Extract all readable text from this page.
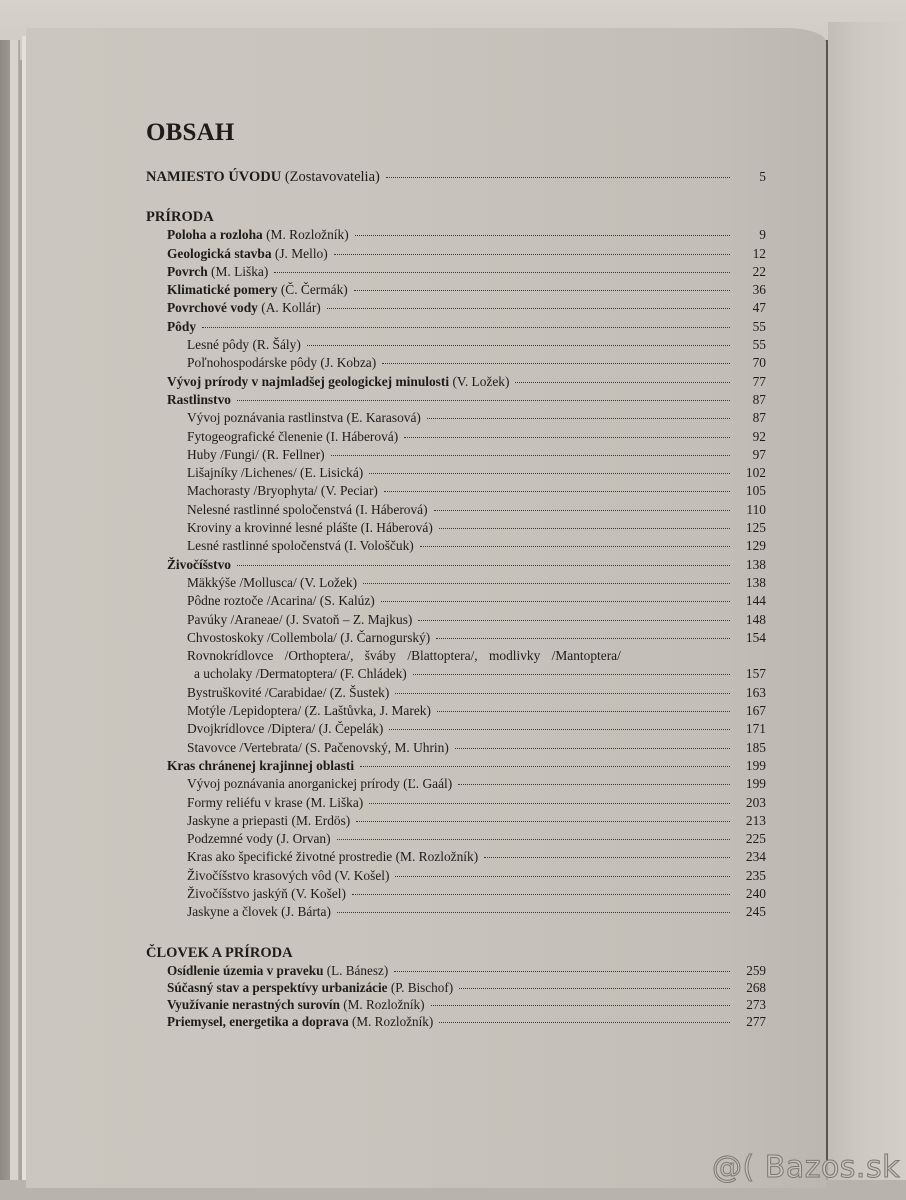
OBSAH
NAMIESTO ÚVODU (Zostavovatelia)	5
PRÍRODA
Poloha a rozloha (M. Rozložník)	9
Geologická stavba (J. Mello)	12
Povrch (M. Liška)	22
Klimatické pomery (Č. Čermák)	36
Povrchové vody (A. Kollár)	47
Pôdy	55
Lesné pôdy (R. Šály)	55
Poľnohospodárske pôdy (J. Kobza)	70
Vývoj prírody v najmladšej geologickej minulosti (V. Ložek)	77
Rastlinstvo	87
Vývoj poznávania rastlinstva (E. Karasová)	87
Fytogeografické členenie (I. Háberová)	92
Huby /Fungi/ (R. Fellner)	97
Lišajníky /Lichenes/ (E. Lisická)	102
Machorasty /Bryophyta/ (V. Peciar)	105
Nelesné rastlinné spoločenstvá (I. Háberová)	110
Kroviny a krovinné lesné plášte (I. Háberová)	125
Lesné rastlinné spoločenstvá (I. Vološčuk)	129
Živočíšstvo	138
Mäkkýše /Mollusca/ (V. Ložek)	138
Pôdne roztoče /Acarina/ (S. Kalúz)	144
Pavúky /Araneae/ (J. Svatoň – Z. Majkus)	148
Chvostoskoky /Collembola/ (J. Čarnogurský)	154
Rovnokrídlovce /Orthoptera/, šváby /Blattoptera/, modlivky /Mantoptera/
a ucholaky /Dermatoptera/ (F. Chládek)	157
Bystruškovité /Carabidae/ (Z. Šustek)	163
Motýle /Lepidoptera/ (Z. Laštůvka, J. Marek)	167
Dvojkrídlovce /Diptera/ (J. Čepelák)	171
Stavovce /Vertebrata/ (S. Pačenovský, M. Uhrin)	185
Kras chránenej krajinnej oblasti	199
Vývoj poznávania anorganickej prírody (Ľ. Gaál)	199
Formy reliéfu v krase (M. Liška)	203
Jaskyne a priepasti (M. Erdös)	213
Podzemné vody (J. Orvan)	225
Kras ako špecifické životné prostredie (M. Rozložník)	234
Živočíšstvo krasových vôd (V. Košel)	235
Živočíšstvo jaskýň (V. Košel)	240
Jaskyne a človek (J. Bárta)	245
ČLOVEK A PRÍRODA
Osídlenie územia v praveku (L. Bánesz)	259
Súčasný stav a perspektívy urbanizácie (P. Bischof)	268
Využívanie nerastných surovín (M. Rozložník)	273
Priemysel, energetika a doprava (M. Rozložník)	277
@( Bazos.sk
